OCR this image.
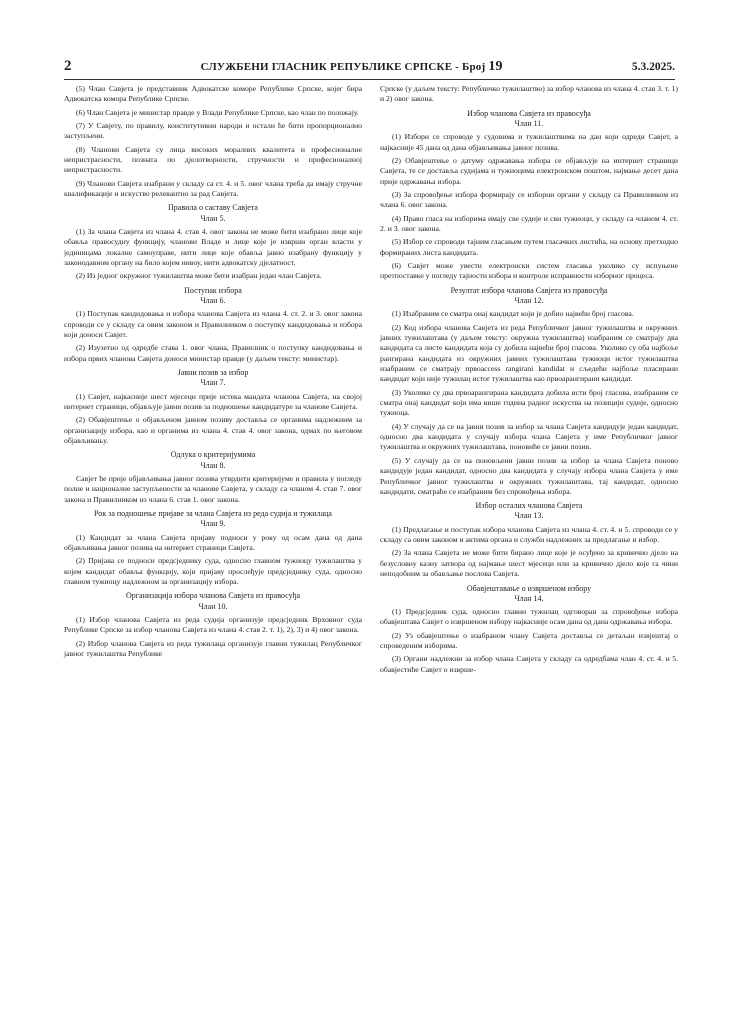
2	СЛУЖБЕНИ ГЛАСНИК РЕПУБЛИКЕ СРПСКЕ - Број 19	5.3.2025.

(5) Члан Савјета је представник Адвокатске коморе Републике Српске, којег бира Адвокатска комора Републике Српске.

(6) Члан Савјета је министар правде у Влади Републике Српске, као члан по положају.

(7) У Савјету, по правилу, конститутивни народи и остали ће бити пропорционално заступљени.

(8) Чланови Савјета су лица високих моралних квалитета и професионалне непристрасности, позната по дјелотворности, стручности и професионалној непристрасности.

(9) Чланови Савјета изабрани у складу са ст. 4. и 5. овог члана треба да имају стручне квалификације и искуство релевантно за рад Савјета.

Правила о саставу Савјета
Члан 5.

(1) За члана Савјета из члана 4. став 4. овог закона не може бити изабрано лице које обавља правосудну функцију, чланови Владе и лице које је изврши орган власти у јединицама локалне самоуправе, нити лице које обавља јавно изабрану функцију у законодавном органу на било којем нивоу, нити адвокатску дјелатност.

(2) Из једног окружног тужилаштва може бити изабран један члан Савјета.

Поступак избора
Члан 6.

(1) Поступак кандидовања и избора чланова Савјета из члана 4. ст. 2. и 3. овог закона спроводи се у складу са овим законом и Правилником о поступку кандидовања и избора који доноси Савјет.

(2) Изузетно од одредбе става 1. овог члана, Правилник о поступку кандидовања и избора првих чланова Савјета доноси министар правде (у даљем тексту: министар).

Јавни позив за избор
Члан 7.

(1) Савјет, најкасније шест мјесеци прије истека мандата чланова Савјета, на својој интернет страници, објављује јавни позив за подношење кандидатуре за чланове Савјета.

(2) Обавјештење о објављеном јавном позиву доставља се органима надлежним за организацију избора, као и органима из члана 4. став 4. овог закона, одмах по његовом објављивању.

Одлука о критеријумима
Члан 8.

Савјет ће прије објављивања јавног позива утврдити критеријуме и правила у погледу полне и националне заступљености за чланове Савјета, у складу са чланом 4. став 7. овог закона и Правилником из члана 6. став 1. овог закона.

Рок за подношење пријаве за члана Савјета из реда судија и тужилаца
Члан 9.

(1) Кандидат за члана Савјета пријаву подноси у року од осам дана од дана објављивања јавног позива на интернет страници Савјета.

(2) Пријава се подноси предсједнику суда, односно главном тужиоцу тужилаштва у којем кандидат обавља функцију, који пријаву прослеђује предсједнику суда, односно главном тужиоцу надлежном за организацију избора.

Организација избора чланова Савјета из правосуђа
Члан 10.

(1) Избор чланова Савјета из реда судија организује предсједник Врховног суда Републике Српске за избор чланова Савјета из члана 4. став 2. т. 1), 2), 3) и 4) овог закона.

(2) Избор чланова Савјета из реда тужилаца организује главни тужилац Републичког јавног тужилаштва Републике

Српске (у даљем тексту: Републичко тужилаштво) за избор чланова из члана 4. став 3. т. 1) и 2) овог закона.

Избор чланова Савјета из правосуђа
Члан 11.

(1) Избори се спроводе у судовима и тужилаштвима на дан који одреди Савјет, а најкасније 45 дана од дана објављивања јавног позива.

(2) Обавјештење о датуму одржавања избора се објављује на интернет страници Савјета, те се доставља судијама и тужиоцима електронском поштом, најмање десет дана прије одржавања избора.

(3) За спровођење избора формирају се изборни органи у складу са Правилником из члана 6. овог закона.

(4) Право гласа на изборима имају све судије и сви тужиоци, у складу са чланом 4. ст. 2. и 3. овог закона.

(5) Избор се спроводи тајним гласањем путем гласачких листића, на основу претходно формираних листа кандидата.

(6) Савјет може увести електронски систем гласања уколико су испуњене претпоставке у погледу тајности избора и контроле исправности изборног процеса.

Резултат избора чланова Савјета из правосуђа
Члан 12.

(1) Изабраним се сматра онај кандидат који је добио највећи број гласова.

(2) Код избора чланова Савјета из реда Републичког јавног тужилаштва и окружних јавних тужилаштава (у даљем тексту: окружна тужилаштва) изабраним се сматрају два кандидата са листе кандидата која су добила највећи број гласова. Уколико су оба најбоље рангирана кандидата из окружних јавних тужилаштава тужиоци истог тужилаштва изабраним се сматрају првоaccess rangirani kandidat и сљедећи најбоље пласирани кандидат који није тужилац истог тужилаштва као првоaрaнгирани кандидат.

(3) Уколико су два првоaрaнгирана кандидата добила исти број гласова, изабраним се сматра онај кандидат који има више година радног искуства на позицији судије, односно тужиоца.

(4) У случају да се на јавни позив за избор за члана Савјета кандидује један кандидат, односно два кандидата у случају избора члана Савјета у име Републичког јавног тужилаштва и окружних тужилаштава, поновиће се јавни позив.

(5) У случају да се на поновљени јавни позив за избор за члана Савјета поново кандидује један кандидат, односно два кандидата у случају избора члана Савјета у име Републичког јавног тужилаштва и окружних тужилаштава, тај кандидат, односно кандидати, сматраће се изабраним без спровођења избора.

Избор осталих чланова Савјета
Члан 13.

(1) Предлагање и поступак избора чланова Савјета из члана 4. ст. 4. и 5. спроводи се у складу са овим законом и актима органа и служби надлежних за предлагање и избор.

(2) За члана Савјета не може бити бирано лице које је осуђено за кривично дјело на безусловну казну затвора од најмање шест мјесеци или за кривично дјело које га чини неподобним за обављање послова Савјета.

Обавјештавање о извршеном избору
Члан 14.

(1) Предсједник суда, односно главни тужилац одговоран за спровођење избора обавјештава Савјет о извршеном избору најкасније осам дана од дана одржавања избора.

(2) Уз обавјештење о изабраном члану Савјета доставља се детаљан извјештај о спроведеним изборима.

(3) Органи надлежни за избор члана Савјета у складу са одредбама члан 4. ст. 4. и 5. обавјестиће Савјет о изврше-
